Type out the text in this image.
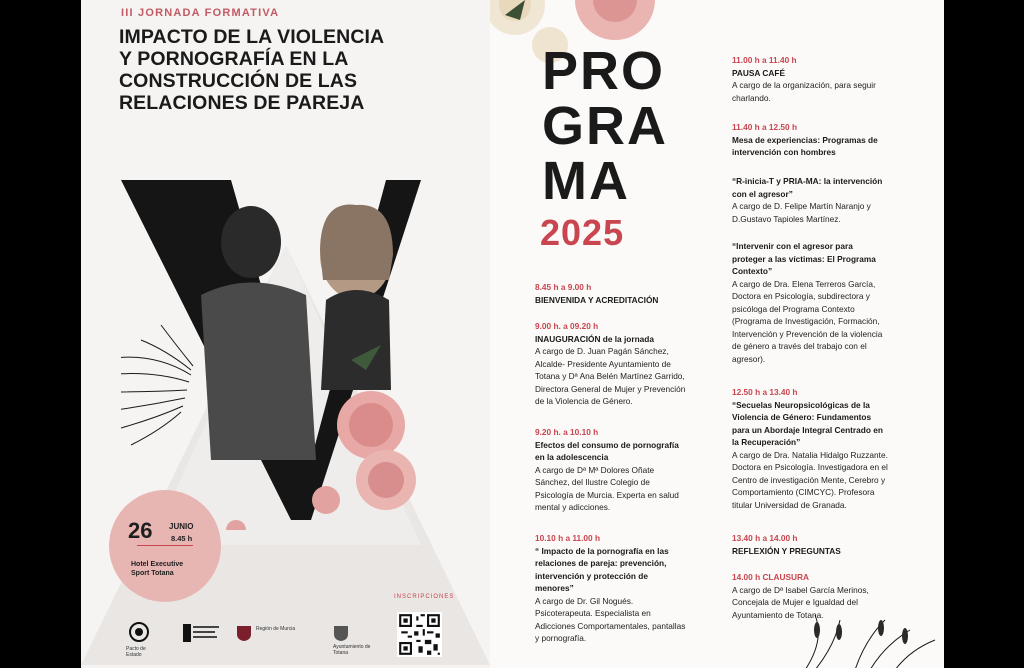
III JORNADA FORMATIVA
IMPACTO DE LA VIOLENCIA
Y PORNOGRAFÍA EN LA
CONSTRUCCIÓN DE LAS
RELACIONES DE PAREJA
26 JUNIO
8.45 h
Hotel Executive
Sport Totana
INSCRIPCIONES
Pacto de Estado
Región de Murcia
Ayuntamiento de Totana
PRO
GRA
MA
2025

8.45 h a 9.00 h

BIENVENIDA Y ACREDITACIÓN

9.00 h. a 09.20 h

INAUGURACIÓN de la jornada

A cargo de D. Juan Pagán Sánchez,

Alcalde- Presidente Ayuntamiento de

Totana y Dª Ana Belén Martínez Garrido,

Directora General de Mujer y Prevención

de la Violencia de Género.

9.20 h. a 10.10 h

Efectos del consumo de pornografía

en la adolescencia

A cargo de Dª Mª Dolores Oñate

Sánchez, del Ilustre Colegio de

Psicología de Murcia. Experta en salud

mental y adicciones.

10.10 h a 11.00 h

“ Impacto de la pornografía en las

relaciones de pareja: prevención,

intervención y protección de

menores”

A cargo de Dr. Gil Nogués.

Psicoterapeuta. Especialista en

Adicciones Comportamentales, pantallas

y pornografía.

11.00 h a 11.40 h

PAUSA CAFÉ

A cargo de la organización, para seguir

charlando.

11.40 h a 12.50 h

Mesa de experiencias: Programas de

intervención con hombres

“R-inicia-T y PRIA-MA: la intervención

con el agresor”

A cargo de D. Felipe Martín Naranjo y

D.Gustavo Tapioles Martínez.

“Intervenir con el agresor para

proteger a las víctimas: El Programa

Contexto”

A cargo de Dra. Elena Terreros García,

Doctora en Psicología, subdirectora y

psicóloga del Programa Contexto

(Programa de Investigación, Formación,

Intervención y Prevención de la violencia

de género a través del trabajo con el

agresor).

12.50 h a 13.40 h

“Secuelas Neuropsicológicas de la

Violencia de Género: Fundamentos

para un Abordaje Integral Centrado en

la Recuperación”

A cargo de Dra. Natalia Hidalgo Ruzzante.

Doctora en Psicología. Investigadora en el

Centro de investigación Mente, Cerebro y

Comportamiento (CIMCYC). Profesora

titular Universidad de Granada.

13.40 h a 14.00 h

REFLEXIÓN Y PREGUNTAS

14.00 h CLAUSURA

A cargo de Dª Isabel García Merinos,

Concejala de Mujer e Igualdad del

Ayuntamiento de Totana.
